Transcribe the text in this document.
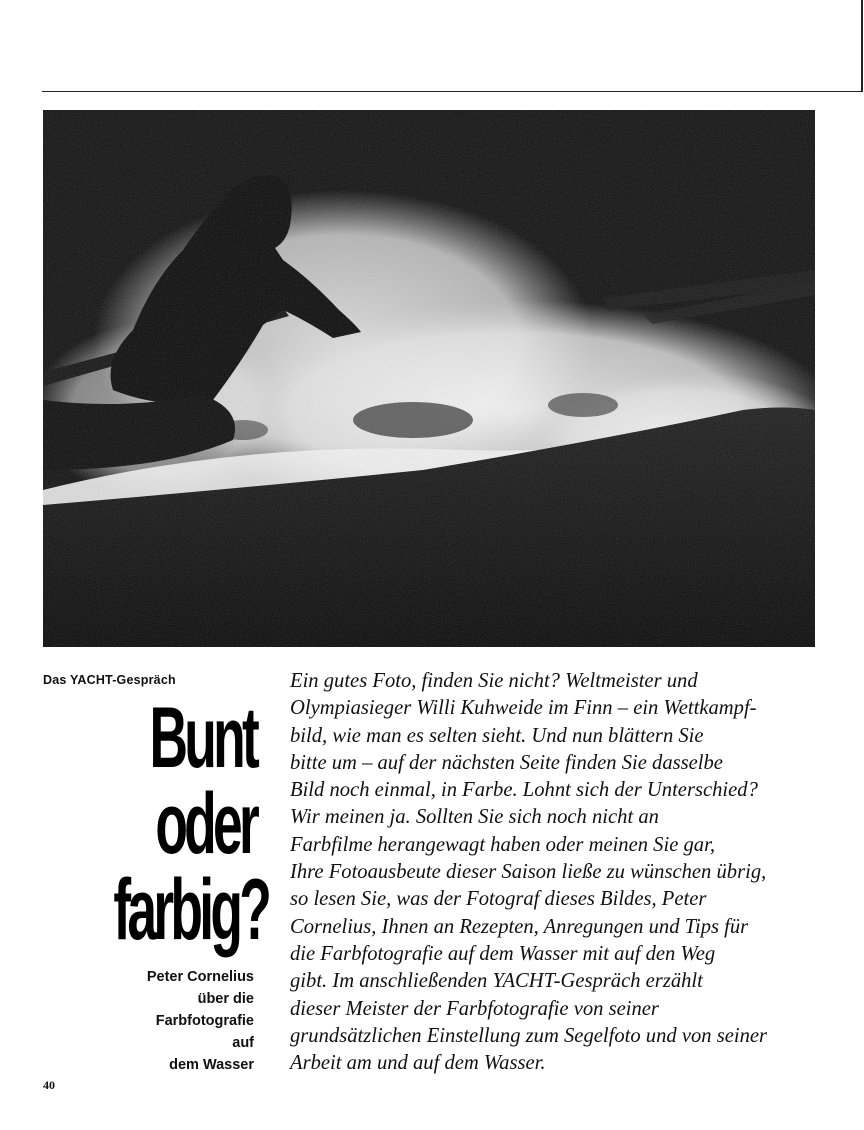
Das YACHT-Gespräch
Bunt
oder
farbig?
Peter Cornelius
über die
Farbfotografie
auf
dem Wasser
Ein gutes Foto, finden Sie nicht? Weltmeister und
Olympiasieger Willi Kuhweide im Finn – ein Wettkampf-
bild, wie man es selten sieht. Und nun blättern Sie
bitte um – auf der nächsten Seite finden Sie dasselbe
Bild noch einmal, in Farbe. Lohnt sich der Unterschied?
Wir meinen ja. Sollten Sie sich noch nicht an
Farbfilme herangewagt haben oder meinen Sie gar,
Ihre Fotoausbeute dieser Saison ließe zu wünschen übrig,
so lesen Sie, was der Fotograf dieses Bildes, Peter
Cornelius, Ihnen an Rezepten, Anregungen und Tips für
die Farbfotografie auf dem Wasser mit auf den Weg
gibt. Im anschließenden YACHT-Gespräch erzählt
dieser Meister der Farbfotografie von seiner
grundsätzlichen Einstellung zum Segelfoto und von seiner
Arbeit am und auf dem Wasser.
40
